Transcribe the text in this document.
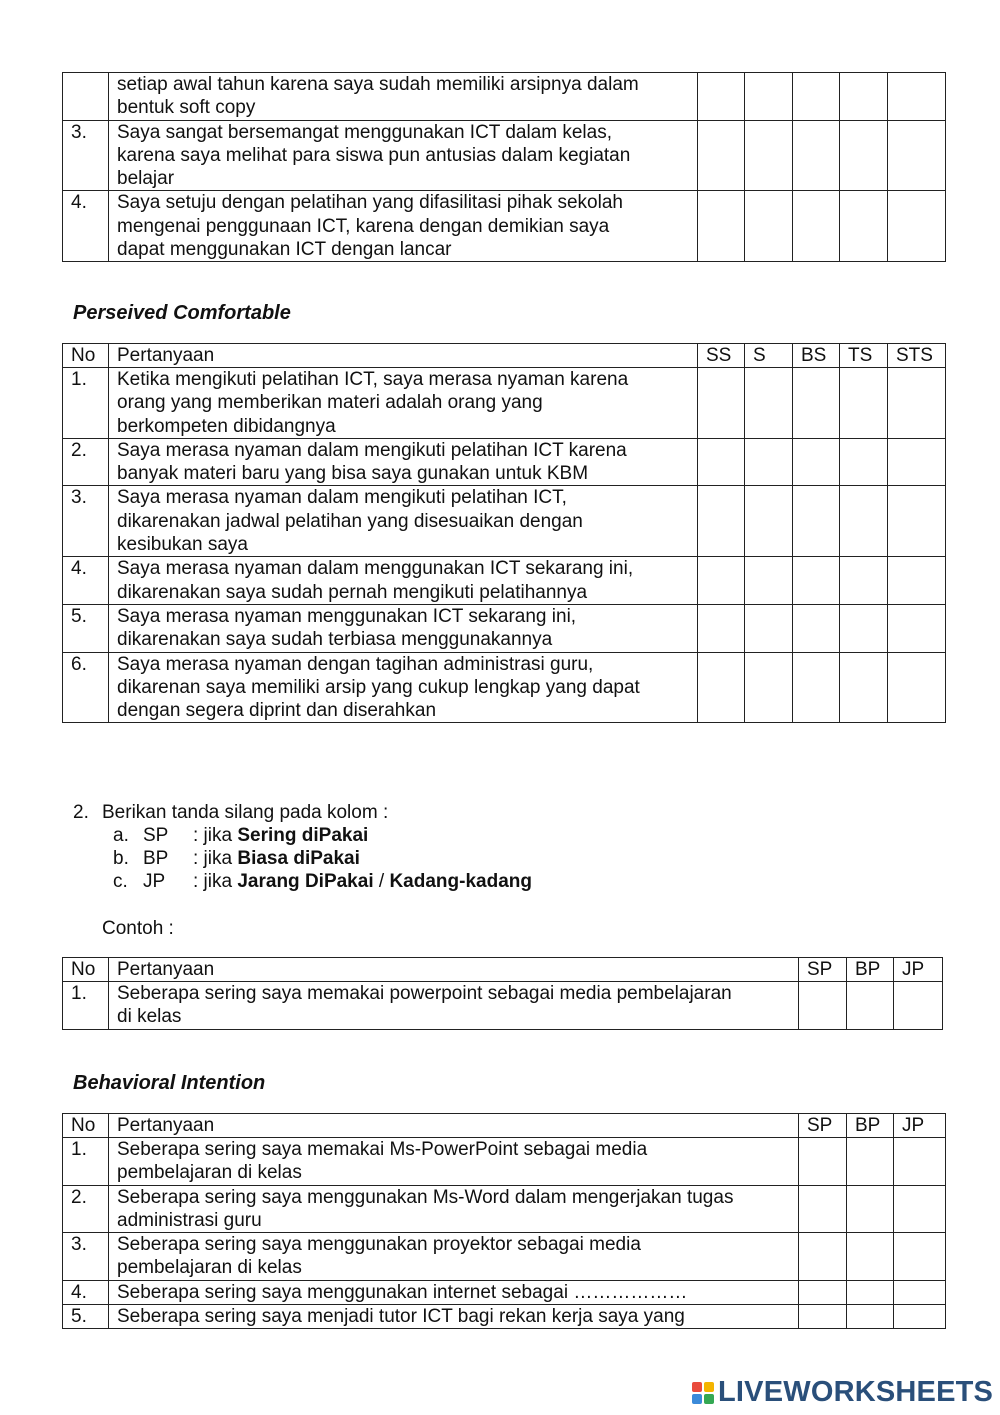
	setiap awal tahun karena saya sudah memiliki arsipnya dalam
bentuk soft copy					

3.	Saya sangat bersemangat menggunakan ICT dalam kelas,
karena saya melihat para siswa pun antusias dalam kegiatan
belajar					

4.	Saya setuju dengan pelatihan yang difasilitasi pihak sekolah
mengenai penggunaan ICT, karena dengan demikian saya
dapat menggunakan ICT dengan lancar					

Perseived Comfortable
No	Pertanyaan	SS	S	BS	TS	STS
1.	Ketika mengikuti pelatihan ICT, saya merasa nyaman karena
orang yang memberikan materi adalah orang yang
berkompeten dibidangnya					

2.	Saya merasa nyaman dalam mengikuti pelatihan ICT karena
banyak materi baru yang bisa saya gunakan untuk KBM					

3.	Saya merasa nyaman dalam mengikuti pelatihan ICT,
dikarenakan jadwal pelatihan yang disesuaikan dengan
kesibukan saya					

4.	Saya merasa nyaman dalam menggunakan ICT sekarang ini,
dikarenakan saya sudah pernah mengikuti pelatihannya					

5.	Saya merasa nyaman menggunakan ICT sekarang ini,
dikarenakan saya sudah terbiasa menggunakannya					

6.	Saya merasa nyaman dengan tagihan administrasi guru,
dikarenan saya memiliki arsip yang cukup lengkap yang dapat
dengan segera diprint dan diserahkan					

2. Berikan tanda silang pada kolom :
a. SP : jika Sering diPakai
b. BP : jika Biasa diPakai
c. JP : jika Jarang DiPakai / Kadang-kadang
Contoh :
No	Pertanyaan	SP	BP	JP
1.	Seberapa sering saya memakai powerpoint sebagai media pembelajaran
di kelas			

Behavioral Intention
No	Pertanyaan	SP	BP	JP
1.	Seberapa sering saya memakai Ms-PowerPoint sebagai media
pembelajaran di kelas			

2.	Seberapa sering saya menggunakan Ms-Word dalam mengerjakan tugas
administrasi guru			

3.	Seberapa sering saya menggunakan proyektor sebagai media
pembelajaran di kelas			

4.	Seberapa sering saya menggunakan internet sebagai ………………			

5.	Seberapa sering saya menjadi tutor ICT bagi rekan kerja saya yang			

LIVEWORKSHEETS
